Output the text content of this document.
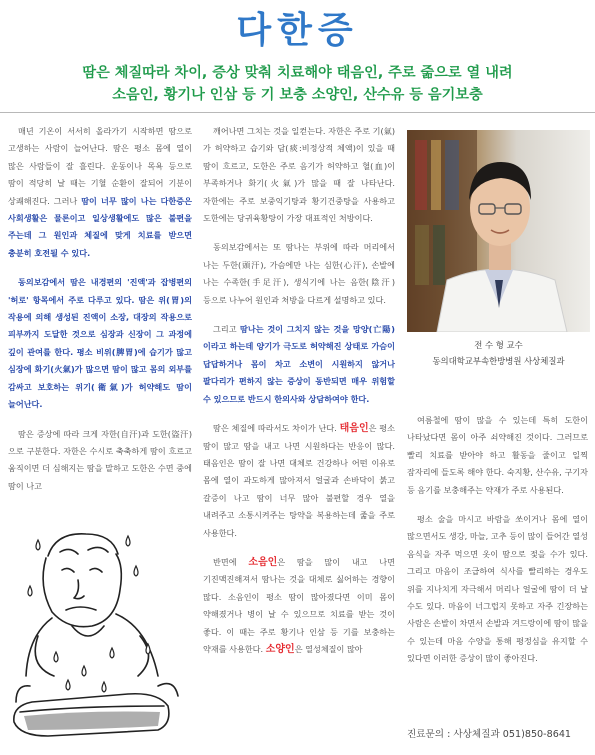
다한증

땀은 체질따라 차이, 증상 맞춰 치료해야 태음인, 주로 줆으로 열 내려

소음인, 황기나 인삼 등 기 보충 소양인, 산수유 등 음기보충

매년 기온이 서서히 올라가기 시작하면 땀으로 고생하는 사람이 늘어난다. 땀은 평소 몸에 열이 많은 사람들이 잘 흘린다. 운동이나 목욕 등으로 땀이 적당히 날 때는 기혈 순환이 잘되어 기분이 상쾌해진다. 그러나 땀이 너무 많이 나는 다한증은 사회생활은 물론이고 일상생활에도 많은 불편을 주는데 그 원인과 체질에 맞게 치료를 받으면 충분히 호전될 수 있다.

동의보감에서 땀은 내경편의 '진액'과 잡병편의 '허로' 항목에서 주로 다루고 있다. 땀은 위(胃)의 작용에 의해 생성된 진액이 소장, 대장의 작용으로 피부까지 도달한 것으로 심장과 신장이 그 과정에 깊이 관여를 한다. 평소 비위(脾胃)에 습기가 많고 심장에 화기(火氣)가 많으면 땀이 많고 몸의 외부를 감싸고 보호하는 위기(衛氣)가 허약해도 땀이 늘어난다.

땀은 증상에 따라 크게 자한(自汗)과 도한(盜汗)으로 구분한다. 자한은 수시로 축축하게 땀이 흐르고 움직이면 더 심해지는 땀을 말하고 도한은 수면 중에 땀이 나고

깨어나면 그치는 것을 일컫는다. 자한은 주로 기(氣)가 허약하고 습기와 담(痰:비정상적 체액)이 있을 때 땀이 흐르고, 도한은 주로 음기가 허약하고 혈(血)이 부족하거나 화기(火氣)가 많을 때 잘 나타난다. 자한에는 주로 보중익기탕과 황기건중탕을 사용하고 도한에는 당귀육황탕이 가장 대표적인 처방이다.

동의보감에서는 또 땀나는 부위에 따라 머리에서 나는 두한(頭汗), 가슴에만 나는 심한(心汗), 손발에 나는 수족한(手足汗), 생식기에 나는 음한(陰汗) 등으로 나누어 원인과 처방을 다르게 설명하고 있다.

그리고 땀나는 것이 그치지 않는 것을 망양(亡陽)이라고 하는데 양기가 극도로 허약해진 상태로 가슴이 답답하거나 몸이 차고 소변이 시원하지 않거나 팔다리가 편하지 않는 증상이 동반되면 매우 위험할 수 있으므로 반드시 한의사와 상담하여야 한다.

땀은 체질에 따라서도 차이가 난다. 태음인은 평소 땀이 많고 땀을 내고 나면 시원하다는 반응이 많다. 태음인은 땀이 잘 나면 대체로 건강하나 어떤 이유로 몸에 열이 과도하게 많아져서 얼굴과 손바닥이 붉고 갈증이 나고 땀이 너무 많아 불편할 경우 열을 내려주고 소통시켜주는 탕약을 복용하는데 줆을 주로 사용한다.

반면에 소음인은 땀을 많이 내고 나면 기진맥진해져서 땀나는 것을 대체로 싫어하는 경향이 많다. 소음인이 평소 땀이 많아졌다면 이미 몸이 약해졌거나 병이 날 수 있으므로 치료를 받는 것이 좋다. 이 때는 주로 황기나 인삼 등 기를 보충하는 약재를 사용한다. 소양인은 열성체질이 많아

전 수 형 교수

동의대학교부속한방병원 사상체질과

여름철에 땀이 많을 수 있는데 특히 도한이 나타났다면 몸이 아주 쇠약해진 것이다. 그러므로 빨리 치료를 받아야 하고 활동을 줄이고 일찍 잠자리에 들도록 해야 한다. 숙지황, 산수유, 구기자 등 음기를 보충해주는 약재가 주로 사용된다.

평소 술을 마시고 바람을 쏘이거나 몸에 열이 많으면서도 생강, 마늘, 고추 등이 많이 들어간 열성 음식을 자주 먹으면 옷이 땀으로 젖을 수가 있다. 그리고 마음이 조급하여 식사를 빨리하는 경우도 위를 지나치게 자극해서 머리나 얼굴에 땀이 더 날 수도 있다. 마음이 너그럽지 못하고 자주 긴장하는 사람은 손발이 차면서 손발과 겨드랑이에 땀이 많을 수 있는데 마음 수양을 통해 평정심을 유지할 수 있다면 이러한 증상이 많이 좋아진다.

진료문의 : 사상체질과 051)850-8641
